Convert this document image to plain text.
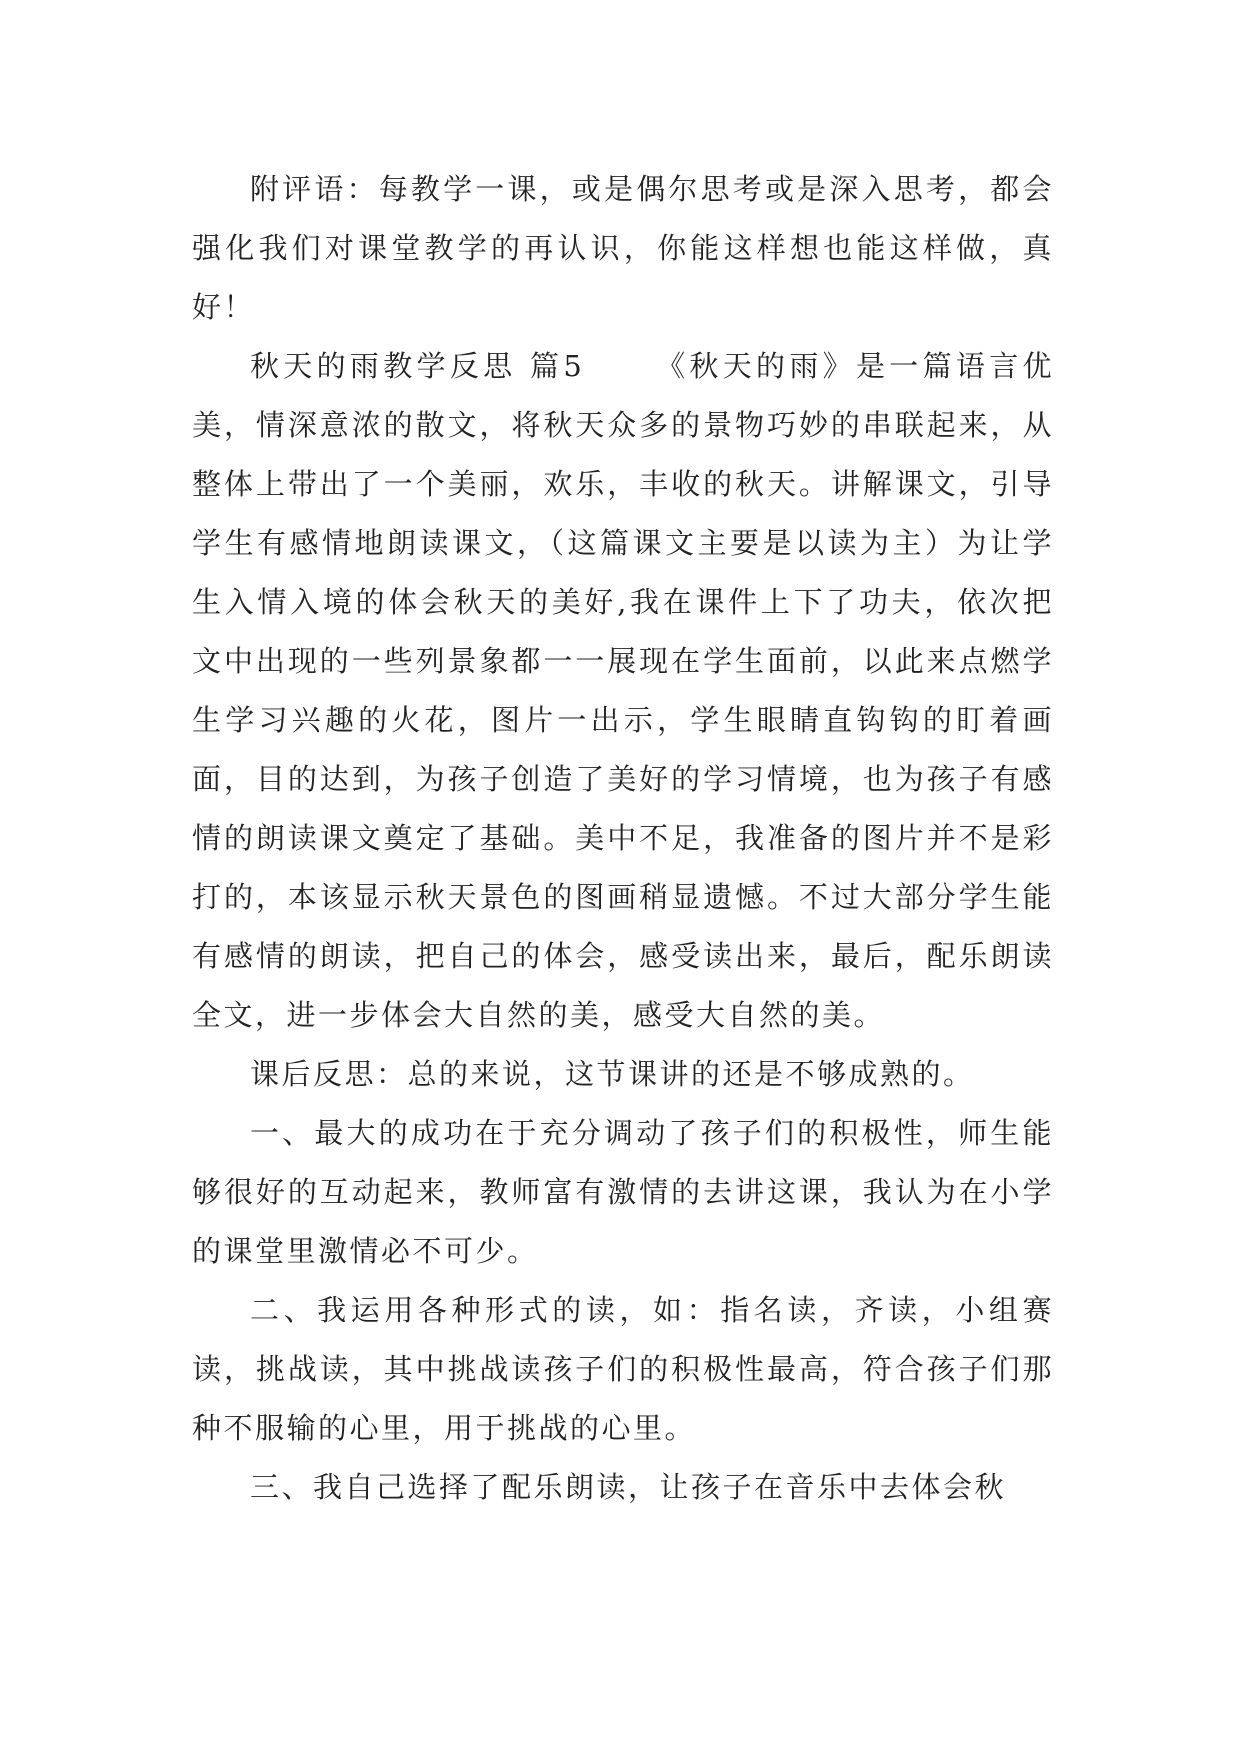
附评语：每教学一课，或是偶尔思考或是深入思考，都会强化我们对课堂教学的再认识，你能这样想也能这样做，真好！

秋天的雨教学反思 篇5 《秋天的雨》是一篇语言优美，情深意浓的散文，将秋天众多的景物巧妙的串联起来，从整体上带出了一个美丽，欢乐，丰收的秋天。讲解课文，引导学生有感情地朗读课文，（这篇课文主要是以读为主）为让学生入情入境的体会秋天的美好,我在课件上下了功夫，依次把文中出现的一些列景象都一一展现在学生面前，以此来点燃学生学习兴趣的火花，图片一出示，学生眼睛直钩钩的盯着画面，目的达到，为孩子创造了美好的学习情境，也为孩子有感情的朗读课文奠定了基础。美中不足，我准备的图片并不是彩打的，本该显示秋天景色的图画稍显遗憾。不过大部分学生能有感情的朗读，把自己的体会，感受读出来，最后，配乐朗读全文，进一步体会大自然的美，感受大自然的美。

课后反思：总的来说，这节课讲的还是不够成熟的。

一、最大的成功在于充分调动了孩子们的积极性，师生能够很好的互动起来，教师富有激情的去讲这课，我认为在小学的课堂里激情必不可少。

二、我运用各种形式的读，如：指名读，齐读，小组赛读，挑战读，其中挑战读孩子们的积极性最高，符合孩子们那种不服输的心里，用于挑战的心里。

三、我自己选择了配乐朗读，让孩子在音乐中去体会秋
